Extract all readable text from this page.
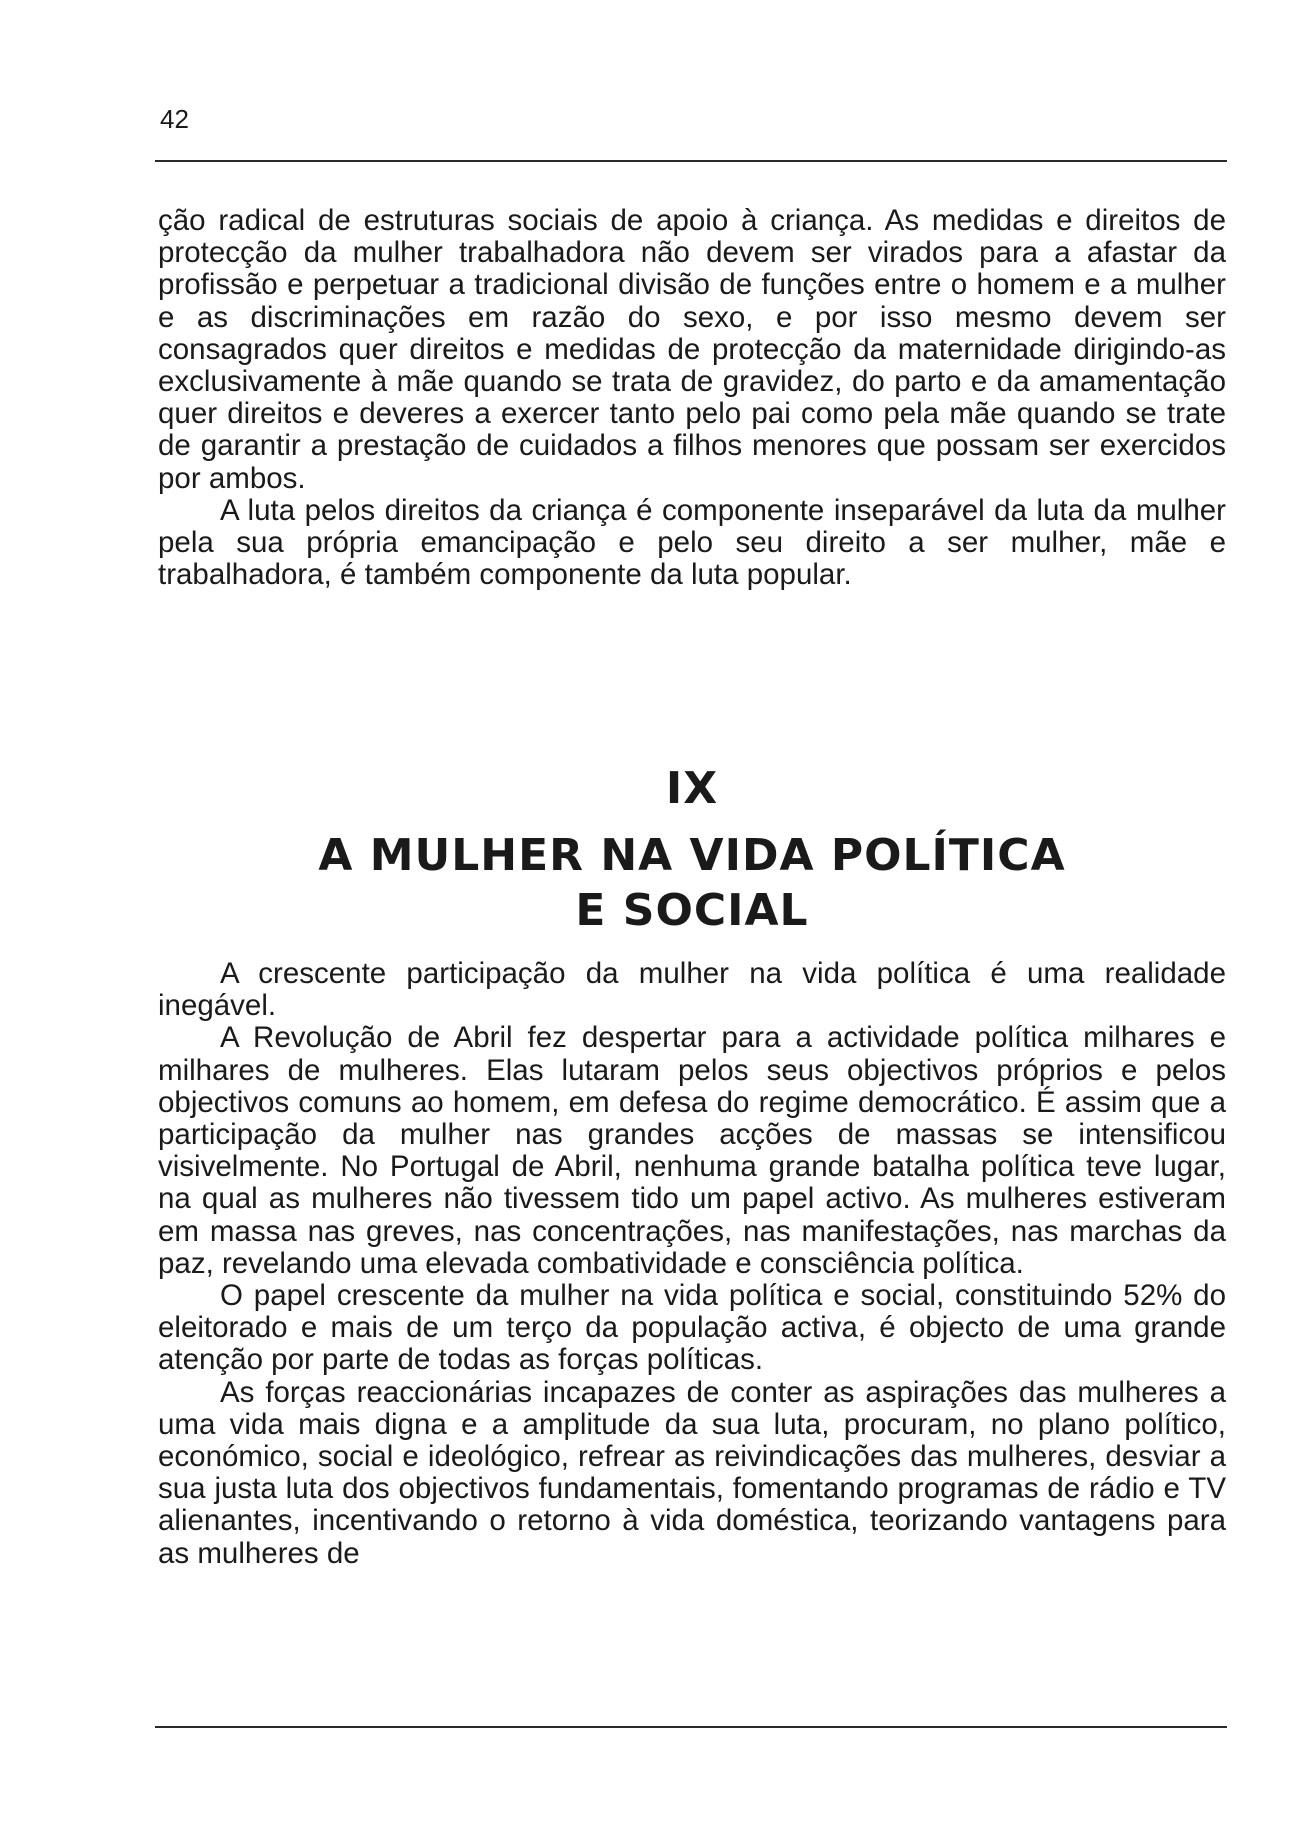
42

ção radical de estruturas sociais de apoio à criança. As medidas e direitos de protecção da mulher trabalhadora não devem ser virados para a afastar da profissão e perpetuar a tradicional divisão de funções entre o homem e a mulher e as discriminações em razão do sexo, e por isso mesmo devem ser consagrados quer direitos e medidas de protecção da maternidade dirigindo-as exclusivamente à mãe quando se trata de gravidez, do parto e da amamentação quer direitos e deveres a exercer tanto pelo pai como pela mãe quando se trate de garantir a prestação de cuidados a filhos menores que possam ser exercidos por ambos.

A luta pelos direitos da criança é componente inseparável da luta da mulher pela sua própria emancipação e pelo seu direito a ser mulher, mãe e trabalhadora, é também componente da luta popular.

IX
A MULHER NA VIDA POLÍTICA
E SOCIAL

A crescente participação da mulher na vida política é uma realidade inegável.

A Revolução de Abril fez despertar para a actividade política milhares e milhares de mulheres. Elas lutaram pelos seus objectivos próprios e pelos objectivos comuns ao homem, em defesa do regime democrático. É assim que a participação da mulher nas grandes acções de massas se intensificou visivelmente. No Portugal de Abril, nenhuma grande batalha política teve lugar, na qual as mulheres não tivessem tido um papel activo. As mulheres estiveram em massa nas greves, nas concentrações, nas manifestações, nas marchas da paz, revelando uma elevada combatividade e consciência política.

O papel crescente da mulher na vida política e social, constituindo 52% do eleitorado e mais de um terço da população activa, é objecto de uma grande atenção por parte de todas as forças políticas.

As forças reaccionárias incapazes de conter as aspirações das mulheres a uma vida mais digna e a amplitude da sua luta, procuram, no plano político, económico, social e ideológico, refrear as reivindicações das mulheres, desviar a sua justa luta dos objectivos fundamentais, fomentando programas de rádio e TV alienantes, incentivando o retorno à vida doméstica, teorizando vantagens para as mulheres de
